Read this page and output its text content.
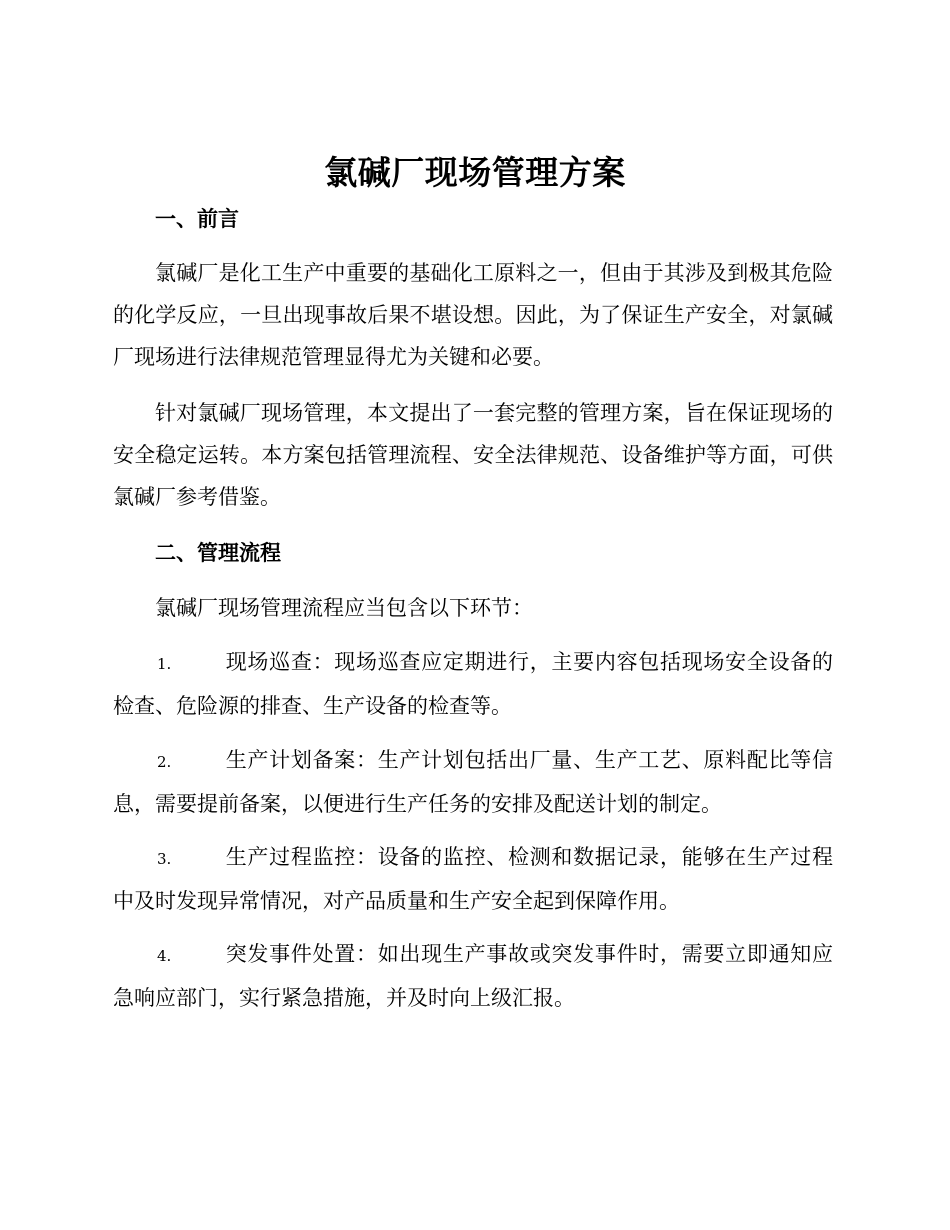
氯碱厂现场管理方案
一、前言
氯碱厂是化工生产中重要的基础化工原料之一，但由于其涉及到极其危险的化学反应，一旦出现事故后果不堪设想。因此，为了保证生产安全，对氯碱厂现场进行法律规范管理显得尤为关键和必要。
针对氯碱厂现场管理，本文提出了一套完整的管理方案，旨在保证现场的安全稳定运转。本方案包括管理流程、安全法律规范、设备维护等方面，可供氯碱厂参考借鉴。
二、管理流程
氯碱厂现场管理流程应当包含以下环节：
1.	现场巡查：现场巡查应定期进行，主要内容包括现场安全设备的检查、危险源的排查、生产设备的检查等。
2.	生产计划备案：生产计划包括出厂量、生产工艺、原料配比等信息，需要提前备案，以便进行生产任务的安排及配送计划的制定。
3.	生产过程监控：设备的监控、检测和数据记录，能够在生产过程中及时发现异常情况，对产品质量和生产安全起到保障作用。
4.	突发事件处置：如出现生产事故或突发事件时，需要立即通知应急响应部门，实行紧急措施，并及时向上级汇报。
